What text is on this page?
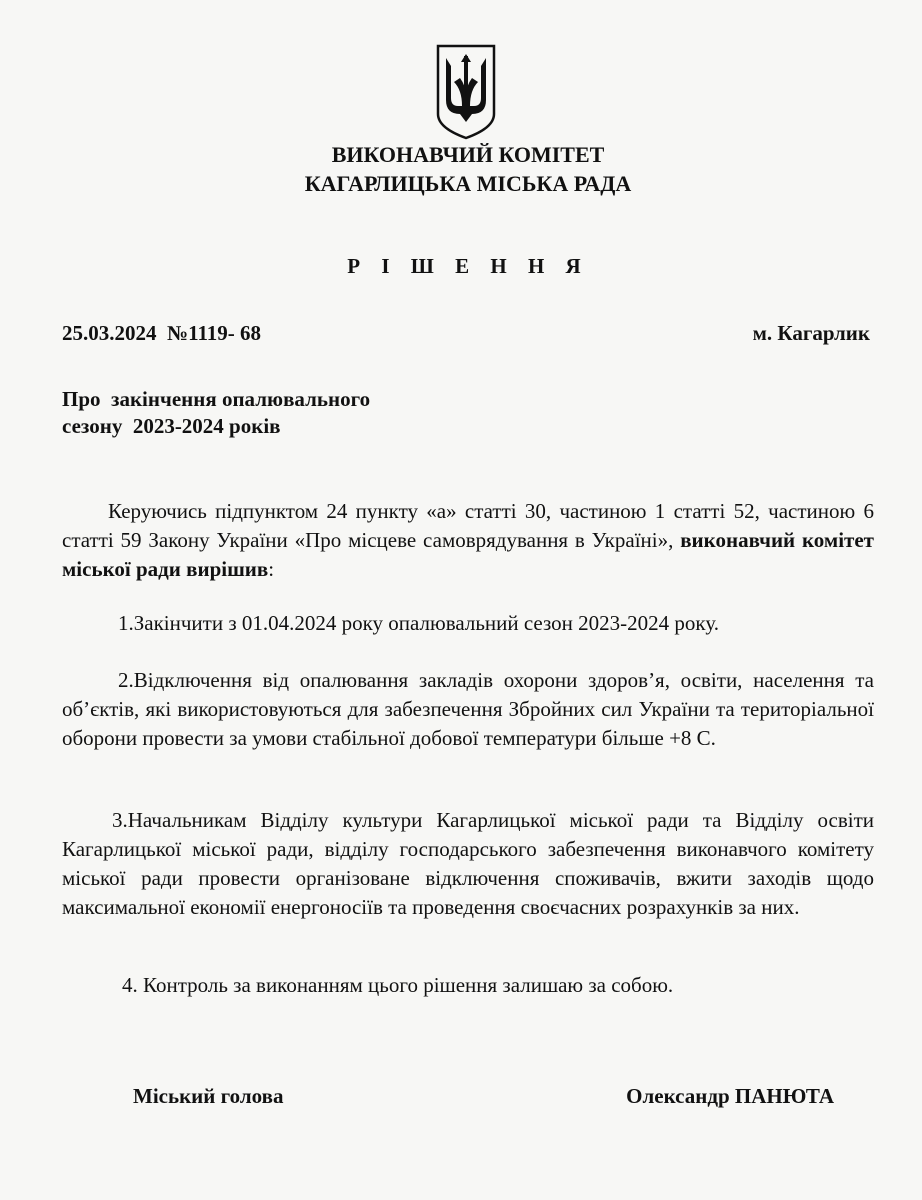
ВИКОНАВЧИЙ КОМІТЕТ
КАГАРЛИЦЬКА МІСЬКА РАДА
Р І Ш Е Н Н Я
25.03.2024  №1119- 68	м. Кагарлик
Про  закінчення опалювального
сезону  2023-2024 років
Керуючись підпунктом 24 пункту «а» статті 30, частиною 1 статті 52, частиною 6 статті 59 Закону України «Про місцеве самоврядування в Україні», виконавчий комітет міської ради вирішив:
1.Закінчити з 01.04.2024 року опалювальний сезон 2023-2024 року.
2.Відключення від опалювання закладів охорони здоров’я, освіти, населення та об’єктів, які використовуються для забезпечення Збройних сил України та територіальної оборони провести за умови стабільної добової температури більше +8 С.
3.Начальникам Відділу культури Кагарлицької міської ради та Відділу освіти Кагарлицької міської ради, відділу господарського забезпечення виконавчого комітету міської ради провести організоване відключення споживачів, вжити заходів щодо максимальної економії енергоносіїв та проведення своєчасних розрахунків за них.
4. Контроль за виконанням цього рішення залишаю за собою.
Міський голова	Олександр ПАНЮТА
